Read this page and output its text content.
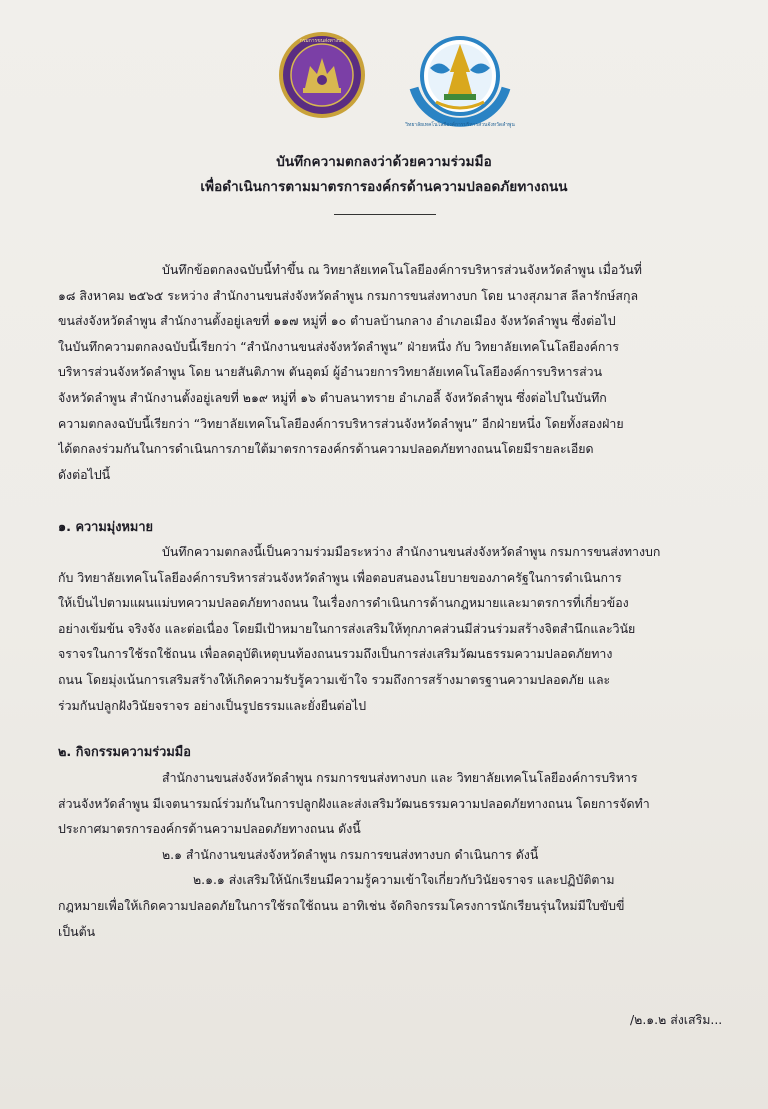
กรมการขนส่งทางบก
วิทยาลัยเทคโนโลยีองค์การบริหารส่วนจังหวัดลำพูน
บันทึกความตกลงว่าด้วยความร่วมมือ
เพื่อดำเนินการตามมาตรการองค์กรด้านความปลอดภัยทางถนน
บันทึกข้อตกลงฉบับนี้ทำขึ้น ณ วิทยาลัยเทคโนโลยีองค์การบริหารส่วนจังหวัดลำพูน เมื่อวันที่
๑๘ สิงหาคม ๒๕๖๕ ระหว่าง สำนักงานขนส่งจังหวัดลำพูน กรมการขนส่งทางบก โดย นางสุภมาส ลีลารักษ์สกุล
ขนส่งจังหวัดลำพูน สำนักงานตั้งอยู่เลขที่ ๑๑๗ หมู่ที่ ๑๐ ตำบลบ้านกลาง อำเภอเมือง จังหวัดลำพูน ซึ่งต่อไป
ในบันทึกความตกลงฉบับนี้เรียกว่า “สำนักงานขนส่งจังหวัดลำพูน” ฝ่ายหนึ่ง กับ วิทยาลัยเทคโนโลยีองค์การ
บริหารส่วนจังหวัดลำพูน โดย นายสันติภาพ ตันอุตม์ ผู้อำนวยการวิทยาลัยเทคโนโลยีองค์การบริหารส่วน
จังหวัดลำพูน สำนักงานตั้งอยู่เลขที่ ๒๑๙ หมู่ที่ ๑๖ ตำบลนาทราย อำเภอลี้ จังหวัดลำพูน ซึ่งต่อไปในบันทึก
ความตกลงฉบับนี้เรียกว่า “วิทยาลัยเทคโนโลยีองค์การบริหารส่วนจังหวัดลำพูน” อีกฝ่ายหนึ่ง โดยทั้งสองฝ่าย
ได้ตกลงร่วมกันในการดำเนินการภายใต้มาตรการองค์กรด้านความปลอดภัยทางถนนโดยมีรายละเอียด
ดังต่อไปนี้
๑. ความมุ่งหมาย
บันทึกความตกลงนี้เป็นความร่วมมือระหว่าง สำนักงานขนส่งจังหวัดลำพูน กรมการขนส่งทางบก
กับ วิทยาลัยเทคโนโลยีองค์การบริหารส่วนจังหวัดลำพูน เพื่อตอบสนองนโยบายของภาครัฐในการดำเนินการ
ให้เป็นไปตามแผนแม่บทความปลอดภัยทางถนน ในเรื่องการดำเนินการด้านกฎหมายและมาตรการที่เกี่ยวข้อง
อย่างเข้มข้น จริงจัง และต่อเนื่อง โดยมีเป้าหมายในการส่งเสริมให้ทุกภาคส่วนมีส่วนร่วมสร้างจิตสำนึกและวินัย
จราจรในการใช้รถใช้ถนน เพื่อลดอุบัติเหตุบนท้องถนนรวมถึงเป็นการส่งเสริมวัฒนธรรมความปลอดภัยทาง
ถนน โดยมุ่งเน้นการเสริมสร้างให้เกิดความรับรู้ความเข้าใจ รวมถึงการสร้างมาตรฐานความปลอดภัย และ
ร่วมกันปลูกฝังวินัยจราจร อย่างเป็นรูปธรรมและยั่งยืนต่อไป
๒. กิจกรรมความร่วมมือ
สำนักงานขนส่งจังหวัดลำพูน กรมการขนส่งทางบก และ วิทยาลัยเทคโนโลยีองค์การบริหาร
ส่วนจังหวัดลำพูน มีเจตนารมณ์ร่วมกันในการปลูกฝังและส่งเสริมวัฒนธรรมความปลอดภัยทางถนน โดยการจัดทำ
ประกาศมาตรการองค์กรด้านความปลอดภัยทางถนน ดังนี้
๒.๑ สำนักงานขนส่งจังหวัดลำพูน กรมการขนส่งทางบก ดำเนินการ ดังนี้
๒.๑.๑ ส่งเสริมให้นักเรียนมีความรู้ความเข้าใจเกี่ยวกับวินัยจราจร และปฏิบัติตาม
กฎหมายเพื่อให้เกิดความปลอดภัยในการใช้รถใช้ถนน อาทิเช่น จัดกิจกรรมโครงการนักเรียนรุ่นใหม่มีใบขับขี่
เป็นต้น
/๒.๑.๒ ส่งเสริม...
